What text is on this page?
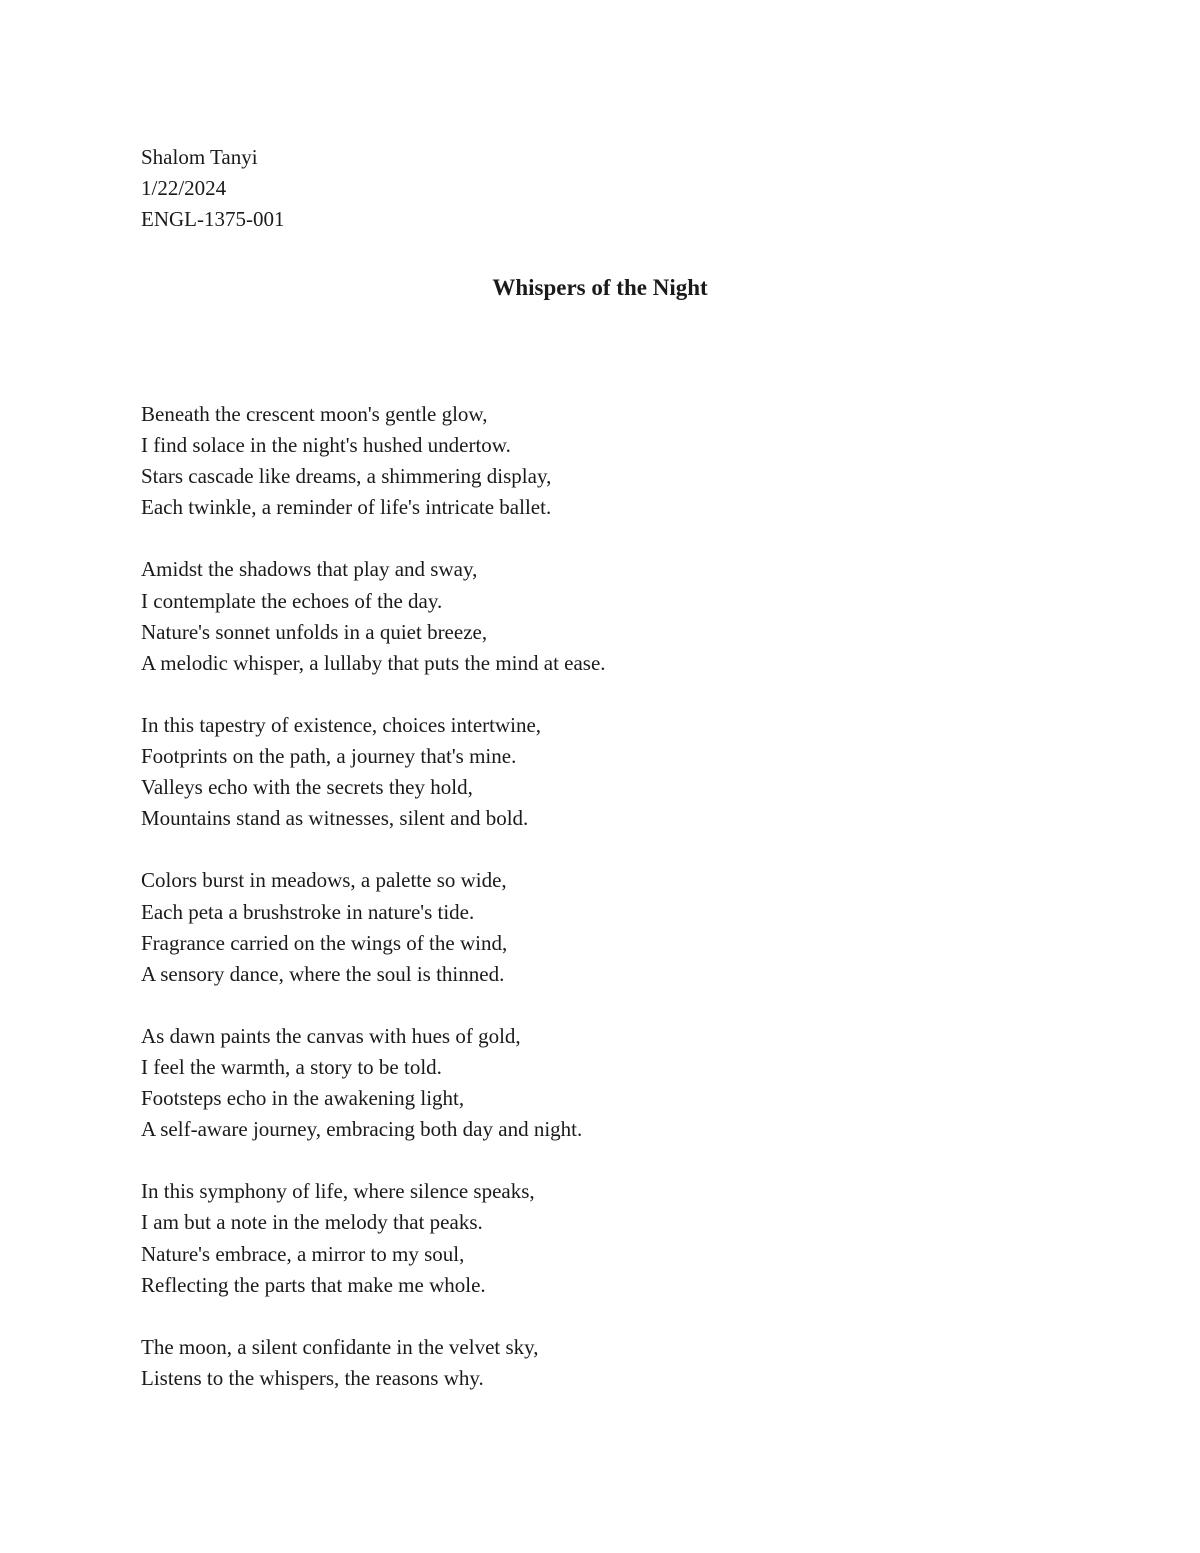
Shalom Tanyi
1/22/2024
ENGL-1375-001
Whispers of the Night
Beneath the crescent moon's gentle glow,
I find solace in the night's hushed undertow.
Stars cascade like dreams, a shimmering display,
Each twinkle, a reminder of life's intricate ballet.
Amidst the shadows that play and sway,
I contemplate the echoes of the day.
Nature's sonnet unfolds in a quiet breeze,
A melodic whisper, a lullaby that puts the mind at ease.
In this tapestry of existence, choices intertwine,
Footprints on the path, a journey that's mine.
Valleys echo with the secrets they hold,
Mountains stand as witnesses, silent and bold.
Colors burst in meadows, a palette so wide,
Each peta a brushstroke in nature's tide.
Fragrance carried on the wings of the wind,
A sensory dance, where the soul is thinned.
As dawn paints the canvas with hues of gold,
I feel the warmth, a story to be told.
Footsteps echo in the awakening light,
A self-aware journey, embracing both day and night.
In this symphony of life, where silence speaks,
I am but a note in the melody that peaks.
Nature's embrace, a mirror to my soul,
Reflecting the parts that make me whole.
The moon, a silent confidante in the velvet sky,
Listens to the whispers, the reasons why.
